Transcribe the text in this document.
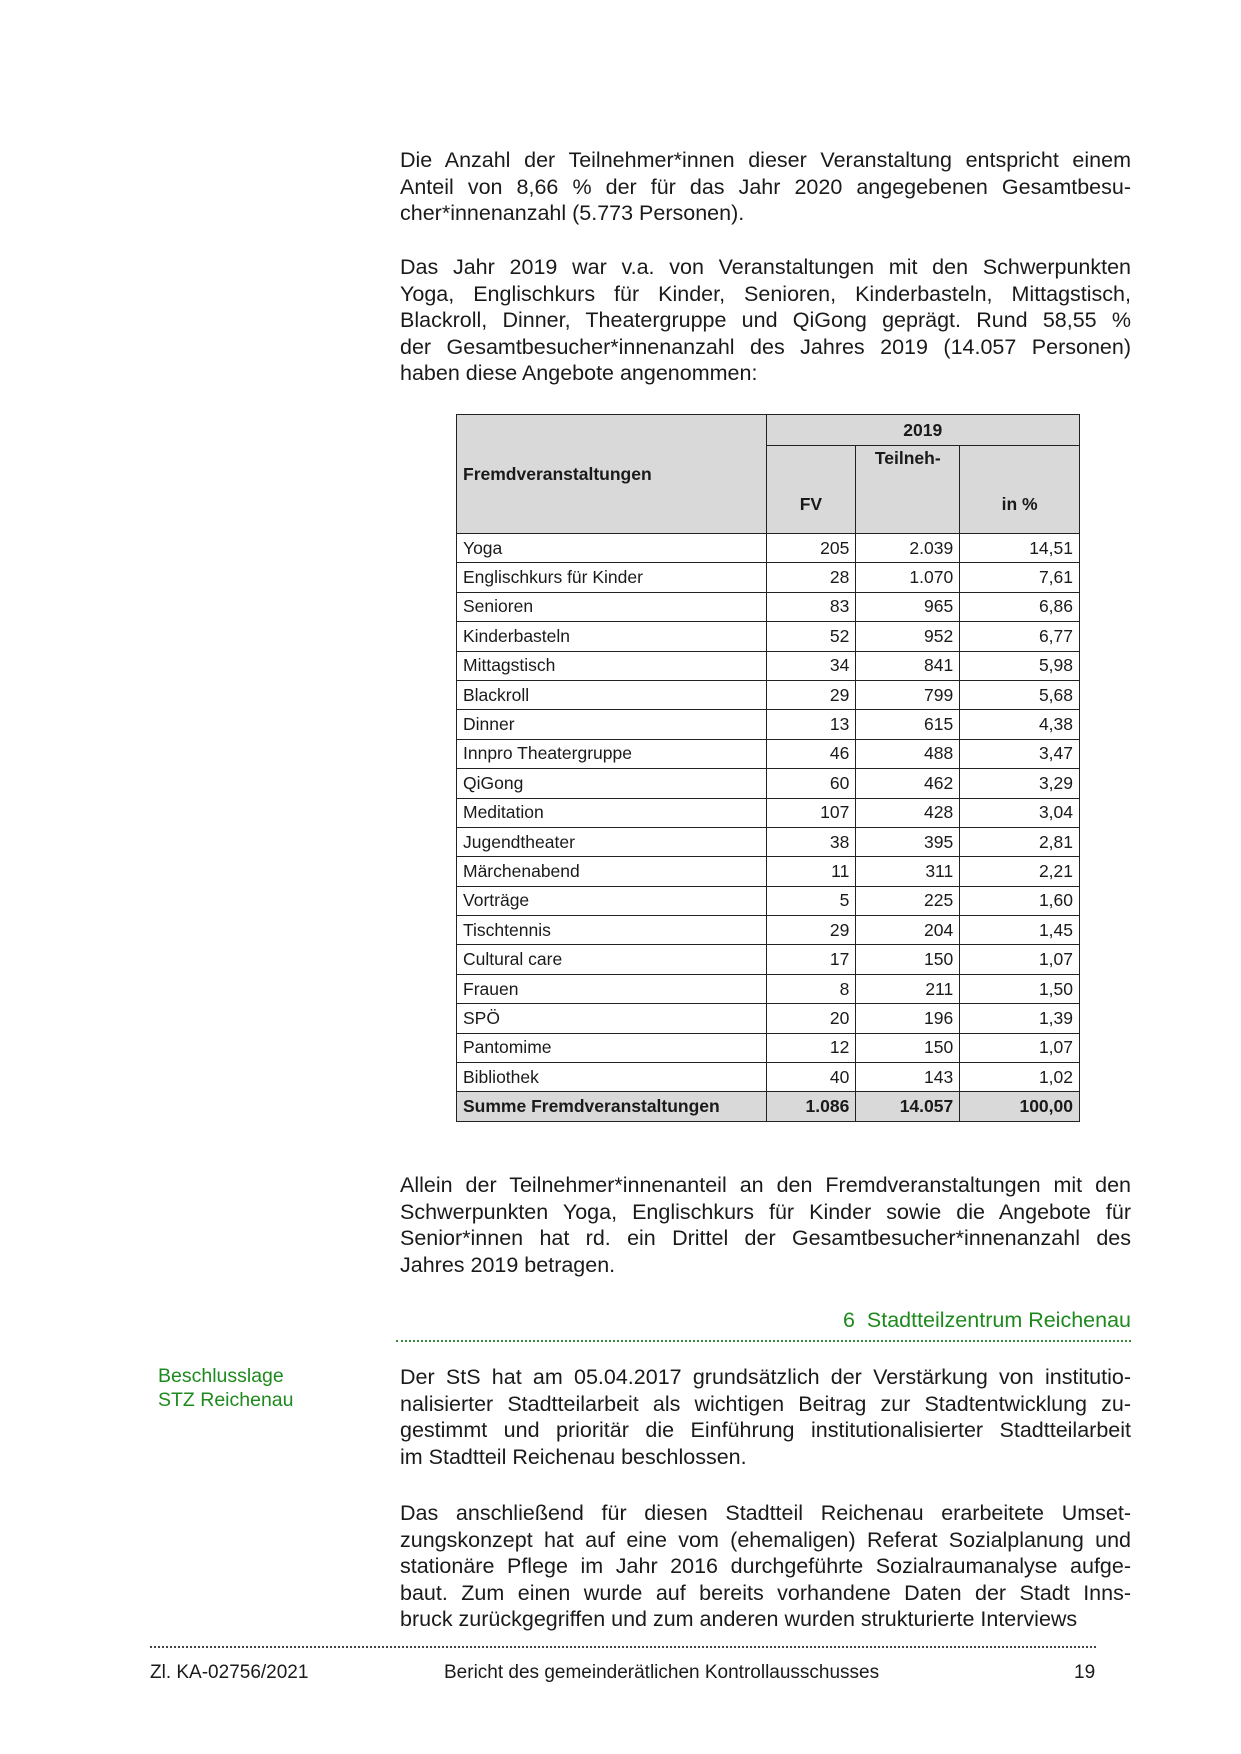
Die Anzahl der Teilnehmer*innen dieser Veranstaltung entspricht einem
Anteil von 8,66 % der für das Jahr 2020 angegebenen Gesamtbesu-
cher*innenanzahl (5.773 Personen).
Das Jahr 2019 war v.a. von Veranstaltungen mit den Schwerpunkten
Yoga, Englischkurs für Kinder, Senioren, Kinderbasteln, Mittagstisch,
Blackroll, Dinner, Theatergruppe und QiGong geprägt. Rund 58,55 %
der Gesamtbesucher*innenanzahl des Jahres 2019 (14.057 Personen)
haben diese Angebote angenommen:
Fremdveranstaltungen	2019		
	FV	Teilneh-	in %
Yoga	205	2.039	14,51
Englischkurs für Kinder	28	1.070	7,61
Senioren	83	965	6,86
Kinderbasteln	52	952	6,77
Mittagstisch	34	841	5,98
Blackroll	29	799	5,68
Dinner	13	615	4,38
Innpro Theatergruppe	46	488	3,47
QiGong	60	462	3,29
Meditation	107	428	3,04
Jugendtheater	38	395	2,81
Märchenabend	11	311	2,21
Vorträge	5	225	1,60
Tischtennis	29	204	1,45
Cultural care	17	150	1,07
Frauen	8	211	1,50
SPÖ	20	196	1,39
Pantomime	12	150	1,07
Bibliothek	40	143	1,02
Summe Fremdveranstaltungen	1.086	14.057	100,00
Allein der Teilnehmer*innenanteil an den Fremdveranstaltungen mit den
Schwerpunkten Yoga, Englischkurs für Kinder sowie die Angebote für
Senior*innen hat rd. ein Drittel der Gesamtbesucher*innenanzahl des
Jahres 2019 betragen.
6 Stadtteilzentrum Reichenau
Beschlusslage
STZ Reichenau
Der StS hat am 05.04.2017 grundsätzlich der Verstärkung von institutio-
nalisierter Stadtteilarbeit als wichtigen Beitrag zur Stadtentwicklung zu-
gestimmt und prioritär die Einführung institutionalisierter Stadtteilarbeit
im Stadtteil Reichenau beschlossen.
Das anschließend für diesen Stadtteil Reichenau erarbeitete Umset-
zungskonzept hat auf eine vom (ehemaligen) Referat Sozialplanung und
stationäre Pflege im Jahr 2016 durchgeführte Sozialraumanalyse aufge-
baut. Zum einen wurde auf bereits vorhandene Daten der Stadt Inns-
bruck zurückgegriffen und zum anderen wurden strukturierte Interviews
Zl. KA-02756/2021	Bericht des gemeinderätlichen Kontrollausschusses	19
